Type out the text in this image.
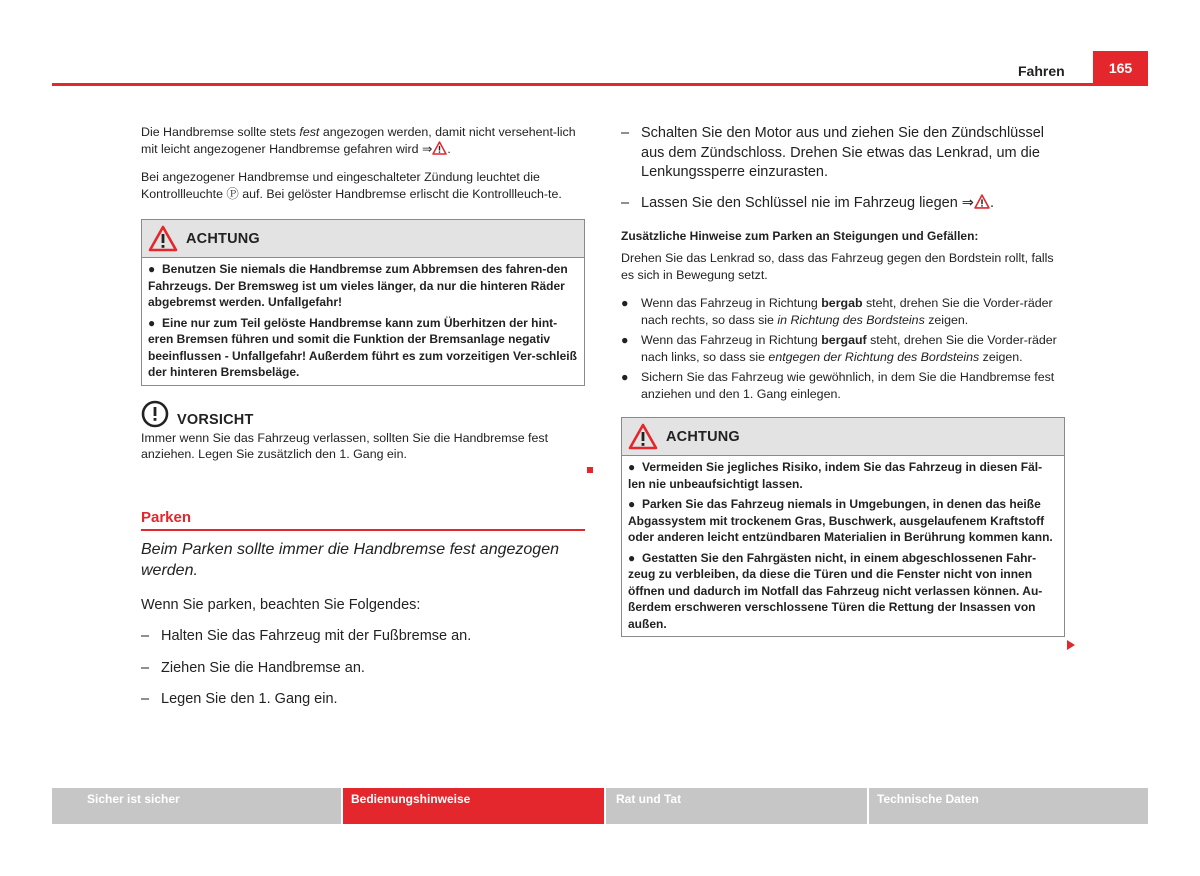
Fahren	165

Die Handbremse sollte stets fest angezogen werden, damit nicht versehent-lich mit leicht angezogener Handbremse gefahren wird ⇒ .

Bei angezogener Handbremse und eingeschalteter Zündung leuchtet die Kontrollleuchte Ⓟ auf. Bei gelöster Handbremse erlischt die Kontrollleuch-te.

ACHTUNG
● Benutzen Sie niemals die Handbremse zum Abbremsen des fahren-den Fahrzeugs. Der Bremsweg ist um vieles länger, da nur die hinteren Räder abgebremst werden. Unfallgefahr!
● Eine nur zum Teil gelöste Handbremse kann zum Überhitzen der hint-eren Bremsen führen und somit die Funktion der Bremsanlage negativ beeinflussen - Unfallgefahr! Außerdem führt es zum vorzeitigen Ver-schleiß der hinteren Bremsbeläge.
VORSICHT

Immer wenn Sie das Fahrzeug verlassen, sollten Sie die Handbremse fest anziehen. Legen Sie zusätzlich den 1. Gang ein.

Parken

Beim Parken sollte immer die Handbremse fest angezogen werden.

Wenn Sie parken, beachten Sie Folgendes:

– Halten Sie das Fahrzeug mit der Fußbremse an.
– Ziehen Sie die Handbremse an.
– Legen Sie den 1. Gang ein.
– Schalten Sie den Motor aus und ziehen Sie den Zündschlüssel aus dem Zündschloss. Drehen Sie etwas das Lenkrad, um die Lenkungssperre einzurasten.
– Lassen Sie den Schlüssel nie im Fahrzeug liegen ⇒ .

Zusätzliche Hinweise zum Parken an Steigungen und Gefällen:

Drehen Sie das Lenkrad so, dass das Fahrzeug gegen den Bordstein rollt, falls es sich in Bewegung setzt.

● Wenn das Fahrzeug in Richtung bergab steht, drehen Sie die Vorder-räder nach rechts, so dass sie in Richtung des Bordsteins zeigen.

● Wenn das Fahrzeug in Richtung bergauf steht, drehen Sie die Vorder-räder nach links, so dass sie entgegen der Richtung des Bordsteins zeigen.

● Sichern Sie das Fahrzeug wie gewöhnlich, in dem Sie die Handbremse fest anziehen und den 1. Gang einlegen.

ACHTUNG
● Vermeiden Sie jegliches Risiko, indem Sie das Fahrzeug in diesen Fäl-len nie unbeaufsichtigt lassen.
● Parken Sie das Fahrzeug niemals in Umgebungen, in denen das heiße Abgassystem mit trockenem Gras, Buschwerk, ausgelaufenem Kraftstoff oder anderen leicht entzündbaren Materialien in Berührung kommen kann.
● Gestatten Sie den Fahrgästen nicht, in einem abgeschlossenen Fahr-zeug zu verbleiben, da diese die Türen und die Fenster nicht von innen öffnen und dadurch im Notfall das Fahrzeug nicht verlassen können. Au-ßerdem erschweren verschlossene Türen die Rettung der Insassen von außen.
Sicher ist sicher	Bedienungshinweise	Rat und Tat	Technische Daten
